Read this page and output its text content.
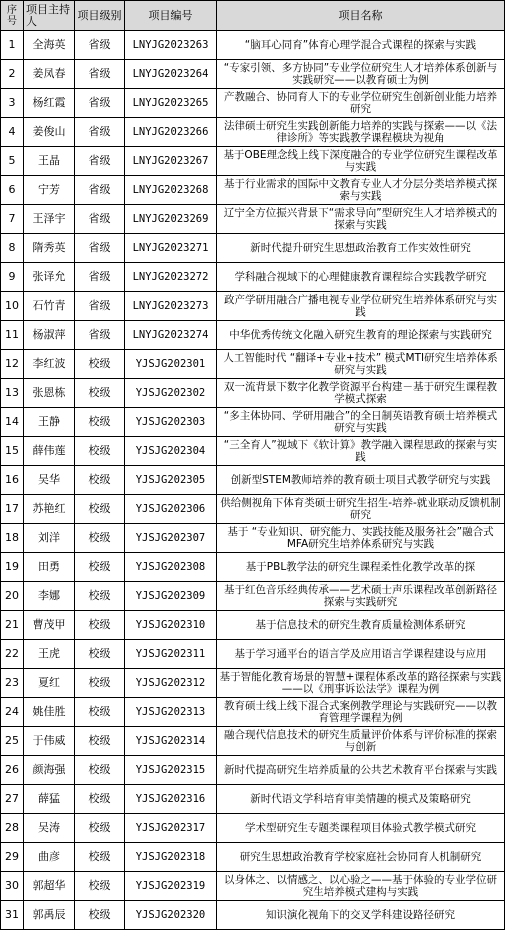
序
号
项目主持人	项目级别	项目编号	项目名称
1	全海英	省级	LNYJG2023263	“脑耳心同育”体育心理学混合式课程的探索与实践
2	姜凤春	省级	LNYJG2023264	“专家引领、多方协同”专业学位研究生人才培养体系创新与实践研究——以教育硕士为例
3	杨红霞	省级	LNYJG2023265	产教融合、协同育人下的专业学位研究生创新创业能力培养研究
4	姜俊山	省级	LNYJG2023266	法律硕士研究生实践创新能力培养的实践与探索——以《法律诊所》等实践教学课程模块为视角
5	王晶	省级	LNYJG2023267	基于OBE理念线上线下深度融合的专业学位研究生课程改革与实践
6	宁芳	省级	LNYJG2023268	基于行业需求的国际中文教育专业人才分层分类培养模式探索与实践
7	王泽宇	省级	LNYJG2023269	辽宁全方位振兴背景下“需求导向”型研究生人才培养模式的探索与实践
8	隋秀英	省级	LNYJG2023271	新时代提升研究生思想政治教育工作实效性研究
9	张译允	省级	LNYJG2023272	学科融合视域下的心理健康教育课程综合实践教学研究
10	石竹青	省级	LNYJG2023273	政产学研用融合广播电视专业学位研究生培养体系研究与实践
11	杨淑萍	省级	LNYJG2023274	中华优秀传统文化融入研究生教育的理论探索与实践研究
12	李红波	校级	YJSJG202301	人工智能时代 “翻译+专业+技术” 模式MTI研究生培养体系研究与实践
13	张恩栋	校级	YJSJG202302	双一流背景下数字化教学资源平台构建－基于研究生课程教学模式探索
14	王静	校级	YJSJG202303	“多主体协同、学研用融合”的全日制英语教育硕士培养模式研究与实践
15	薛伟莲	校级	YJSJG202304	“三全育人”视域下《软计算》教学融入课程思政的探索与实践
16	吴华	校级	YJSJG202305	创新型STEM教师培养的教育硕士项目式教学研究与实践
17	苏艳红	校级	YJSJG202306	供给侧视角下体育类硕士研究生招生-培养-就业联动反馈机制研究
18	刘洋	校级	YJSJG202307	基于 “专业知识、研究能力、实践技能及服务社会”融合式MFA研究生培养体系研究与实践
19	田勇	校级	YJSJG202308	基于PBL教学法的研究生课程柔性化教学改革的探
20	李娜	校级	YJSJG202309	基于红色音乐经典传承——艺术硕士声乐课程改革创新路径探索与实践研究
21	曹茂甲	校级	YJSJG202310	基于信息技术的研究生教育质量检测体系研究
22	王虎	校级	YJSJG202311	基于学习通平台的语言学及应用语言学课程建设与应用
23	夏红	校级	YJSJG202312	基于智能化教育场景的智慧+课程体系改革的路径探索与实践——以《刑事诉讼法学》课程为例
24	姚佳胜	校级	YJSJG202313	教育硕士线上线下混合式案例教学理论与实践研究——以教育管理学课程为例
25	于伟威	校级	YJSJG202314	融合现代信息技术的研究生质量评价体系与评价标准的探索与创新
26	颜海强	校级	YJSJG202315	新时代提高研究生培养质量的公共艺术教育平台探索与实践
27	薛猛	校级	YJSJG202316	新时代语文学科培育审美情趣的模式及策略研究
28	吴涛	校级	YJSJG202317	学术型研究生专题类课程项目体验式教学模式研究
29	曲彦	校级	YJSJG202318	研究生思想政治教育学校家庭社会协同育人机制研究
30	郭超华	校级	YJSJG202319	以身体之、以情感之、以心验之——基于体验的专业学位研究生培养模式建构与实践
31	郭禹辰	校级	YJSJG202320	知识演化视角下的交叉学科建设路径研究
